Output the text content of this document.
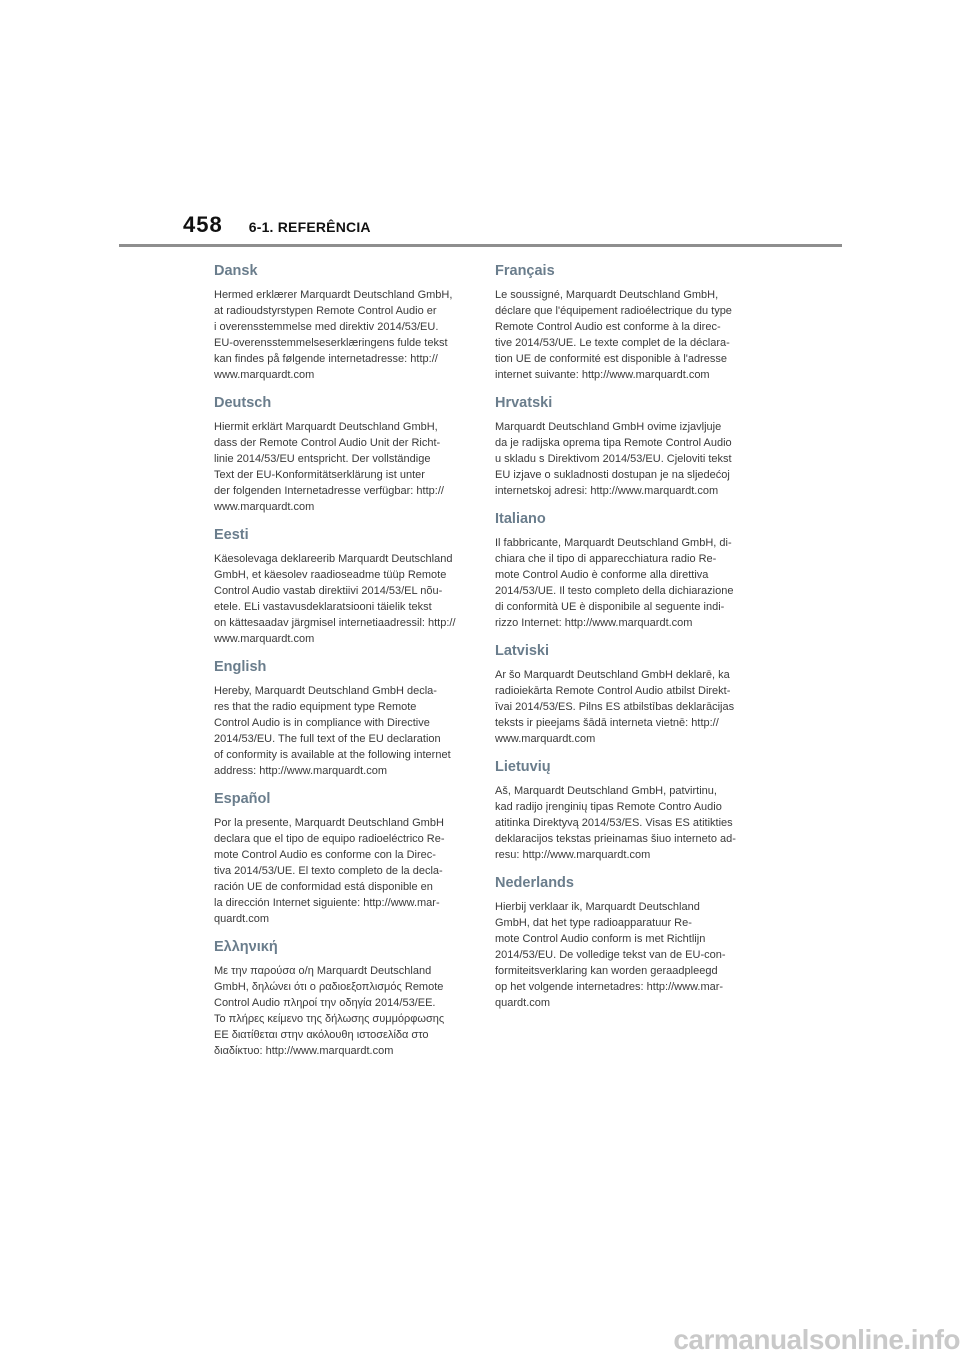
458 6-1. REFERÊNCIA
Dansk

Hermed erklærer Marquardt Deutschland GmbH,
at radioudstyrstypen Remote Control Audio er
i overensstemmelse med direktiv 2014/53/EU.
EU-overensstemmelseserklæringens fulde tekst
kan findes på følgende internetadresse: http://
www.marquardt.com

Deutsch

Hiermit erklärt Marquardt Deutschland GmbH,
dass der Remote Control Audio Unit der Richt-
linie 2014/53/EU entspricht. Der vollständige
Text der EU-Konformitätserklärung ist unter
der folgenden Internetadresse verfügbar: http://
www.marquardt.com

Eesti

Käesolevaga deklareerib Marquardt Deutschland
GmbH, et käesolev raadioseadme tüüp Remote
Control Audio vastab direktiivi 2014/53/EL nõu-
etele. ELi vastavusdeklaratsiooni täielik tekst
on kättesaadav järgmisel internetiaadressil: http://
www.marquardt.com

English

Hereby, Marquardt Deutschland GmbH decla-
res that the radio equipment type Remote
Control Audio is in compliance with Directive
2014/53/EU. The full text of the EU declaration
of conformity is available at the following internet
address: http://www.marquardt.com

Español

Por la presente, Marquardt Deutschland GmbH
declara que el tipo de equipo radioeléctrico Re-
mote Control Audio es conforme con la Direc-
tiva 2014/53/UE. El texto completo de la decla-
ración UE de conformidad está disponible en
la dirección Internet siguiente: http://www.mar-
quardt.com

Ελληνική

Με την παρούσα ο/η Marquardt Deutschland
GmbH, δηλώνει ότι ο ραδιοεξοπλισμός Remote
Control Audio πληροί την οδηγία 2014/53/ΕΕ.
Το πλήρες κείμενο της δήλωσης συμμόρφωσης
ΕΕ διατίθεται στην ακόλουθη ιστοσελίδα στο
διαδίκτυο: http://www.marquardt.com

Français

Le soussigné, Marquardt Deutschland GmbH,
déclare que l'équipement radioélectrique du type
Remote Control Audio est conforme à la direc-
tive 2014/53/UE. Le texte complet de la déclara-
tion UE de conformité est disponible à l'adresse
internet suivante: http://www.marquardt.com

Hrvatski

Marquardt Deutschland GmbH ovime izjavljuje
da je radijska oprema tipa Remote Control Audio
u skladu s Direktivom 2014/53/EU. Cjeloviti tekst
EU izjave o sukladnosti dostupan je na sljedećoj
internetskoj adresi: http://www.marquardt.com

Italiano

Il fabbricante, Marquardt Deutschland GmbH, di-
chiara che il tipo di apparecchiatura radio Re-
mote Control Audio è conforme alla direttiva
2014/53/UE. Il testo completo della dichiarazione
di conformità UE è disponibile al seguente indi-
rizzo Internet: http://www.marquardt.com

Latviski

Ar šo Marquardt Deutschland GmbH deklarē, ka
radioiekārta Remote Control Audio atbilst Direkt-
īvai 2014/53/ES. Pilns ES atbilstības deklarācijas
teksts ir pieejams šādā interneta vietnē: http://
www.marquardt.com

Lietuvių

Aš, Marquardt Deutschland GmbH, patvirtinu,
kad radijo įrenginių tipas Remote Contro Audio
atitinka Direktyvą 2014/53/ES. Visas ES atitikties
deklaracijos tekstas prieinamas šiuo interneto ad-
resu: http://www.marquardt.com

Nederlands

Hierbij verklaar ik, Marquardt Deutschland
GmbH, dat het type radioapparatuur Re-
mote Control Audio conform is met Richtlijn
2014/53/EU. De volledige tekst van de EU-con-
formiteitsverklaring kan worden geraadpleegd
op het volgende internetadres: http://www.mar-
quardt.com

carmanualsonline.info
